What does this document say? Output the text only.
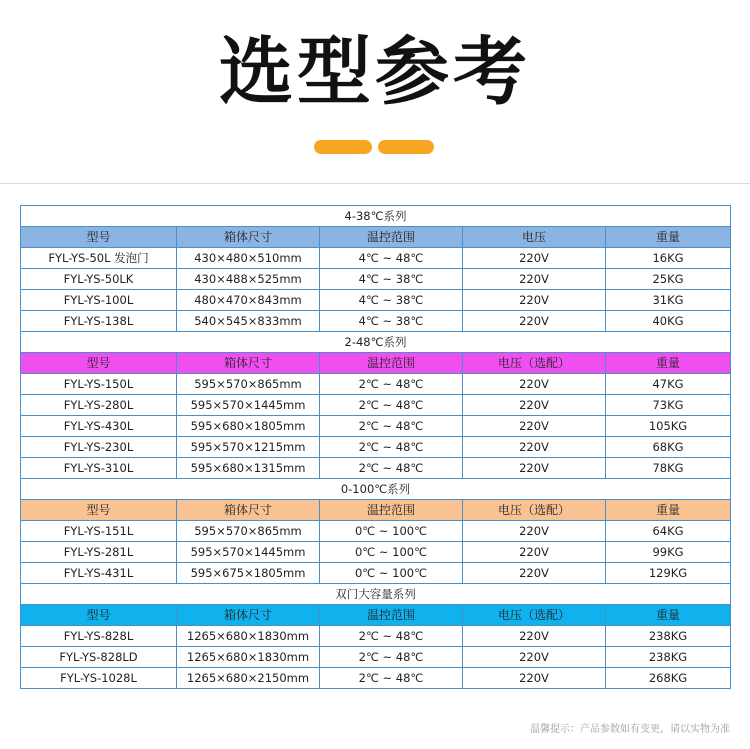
选型参考
4-38℃系列				
型号	箱体尺寸	温控范围	电压	重量
FYL-YS-50L 发泡门	430×480×510mm	4℃ ~ 48℃	220V	16KG
FYL-YS-50LK	430×488×525mm	4℃ ~ 38℃	220V	25KG
FYL-YS-100L	480×470×843mm	4℃ ~ 38℃	220V	31KG
FYL-YS-138L	540×545×833mm	4℃ ~ 38℃	220V	40KG
2-48℃系列				
型号	箱体尺寸	温控范围	电压（选配）	重量
FYL-YS-150L	595×570×865mm	2℃ ~ 48℃	220V	47KG
FYL-YS-280L	595×570×1445mm	2℃ ~ 48℃	220V	73KG
FYL-YS-430L	595×680×1805mm	2℃ ~ 48℃	220V	105KG
FYL-YS-230L	595×570×1215mm	2℃ ~ 48℃	220V	68KG
FYL-YS-310L	595×680×1315mm	2℃ ~ 48℃	220V	78KG
0-100℃系列				
型号	箱体尺寸	温控范围	电压（选配）	重量
FYL-YS-151L	595×570×865mm	0℃ ~ 100℃	220V	64KG
FYL-YS-281L	595×570×1445mm	0℃ ~ 100℃	220V	99KG
FYL-YS-431L	595×675×1805mm	0℃ ~ 100℃	220V	129KG
双门大容量系列				
型号	箱体尺寸	温控范围	电压（选配）	重量
FYL-YS-828L	1265×680×1830mm	2℃ ~ 48℃	220V	238KG
FYL-YS-828LD	1265×680×1830mm	2℃ ~ 48℃	220V	238KG
FYL-YS-1028L	1265×680×2150mm	2℃ ~ 48℃	220V	268KG
温馨提示：产品参数如有变更，请以实物为准
